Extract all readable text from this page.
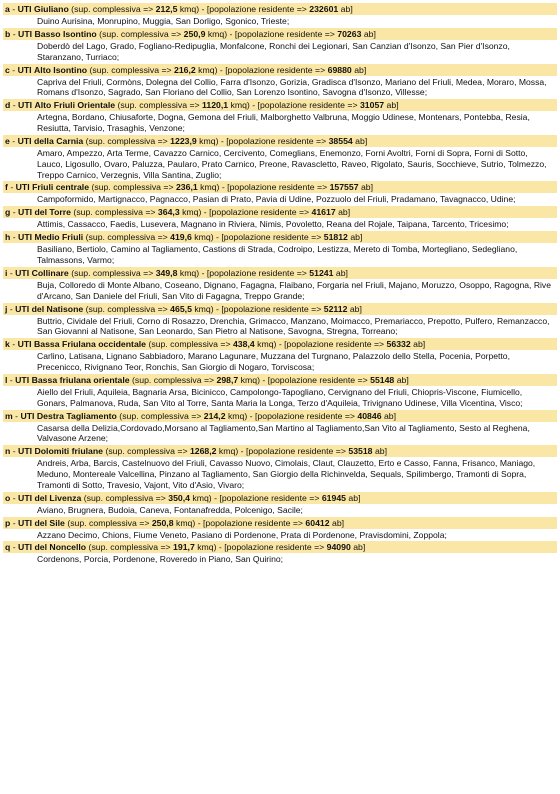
a - UTI Giuliano (sup. complessiva => 212,5 kmq) - [popolazione residente => 232601 ab]
Duino Aurisina, Monrupino, Muggia, San Dorligo, Sgonico, Trieste;
b - UTI Basso Isontino (sup. complessiva => 250,9 kmq) - [popolazione residente => 70263 ab]
Doberdò del Lago, Grado, Fogliano-Redipuglia, Monfalcone, Ronchi dei Legionari, San Canzian d'Isonzo, San Pier d'Isonzo, Staranzano, Turriaco;
c - UTI Alto Isontino (sup. complessiva => 216,2 kmq) - [popolazione residente => 69880 ab]
Capriva del Friuli, Cormòns, Dolegna del Collio, Farra d'Isonzo, Gorizia, Gradisca d'Isonzo, Mariano del Friuli, Medea, Moraro, Mossa, Romans d'Isonzo, Sagrado, San Floriano del Collio, San Lorenzo Isontino, Savogna d'Isonzo, Villesse;
d - UTI Alto Friuli Orientale (sup. complessiva => 1120,1 kmq) - [popolazione residente => 31057 ab]
Artegna, Bordano, Chiusaforte, Dogna, Gemona del Friuli, Malborghetto Valbruna, Moggio Udinese, Montenars, Pontebba, Resia, Resiutta, Tarvisio, Trasaghis, Venzone;
e - UTI della Carnia (sup. complessiva => 1223,9 kmq) - [popolazione residente => 38554 ab]
Amaro, Ampezzo, Arta Terme, Cavazzo Carnico, Cercivento, Comeglians, Enemonzo, Forni Avoltri, Forni di Sopra, Forni di Sotto, Lauco, Ligosullo, Ovaro, Paluzza, Paularo, Prato Carnico, Preone, Ravascletto, Raveo, Rigolato, Sauris, Socchieve, Sutrio, Tolmezzo, Treppo Carnico, Verzegnis, Villa Santina, Zuglio;
f - UTI Friuli centrale (sup. complessiva => 236,1 kmq) - [popolazione residente => 157557 ab]
Campoformido, Martignacco, Pagnacco, Pasian di Prato, Pavia di Udine, Pozzuolo del Friuli, Pradamano, Tavagnacco, Udine;
g - UTI del Torre (sup. complessiva => 364,3 kmq) - [popolazione residente => 41617 ab]
Attimis, Cassacco, Faedis, Lusevera, Magnano in Riviera, Nimis, Povoletto, Reana del Rojale, Taipana, Tarcento, Tricesimo;
h - UTI Medio Friuli (sup. complessiva => 419,6 kmq) - [popolazione residente => 51812 ab]
Basiliano, Bertiolo, Camino al Tagliamento, Castions di Strada, Codroipo, Lestizza, Mereto di Tomba, Mortegliano, Sedegliano, Talmassons, Varmo;
i - UTI Collinare (sup. complessiva => 349,8 kmq) - [popolazione residente => 51241 ab]
Buja, Colloredo di Monte Albano, Coseano, Dignano, Fagagna, Flaibano, Forgaria nel Friuli, Majano, Moruzzo, Osoppo, Ragogna, Rive d'Arcano, San Daniele del Friuli, San Vito di Fagagna, Treppo Grande;
j - UTI del Natisone (sup. complessiva => 465,5 kmq) - [popolazione residente => 52112 ab]
Buttrio, Cividale del Friuli, Corno di Rosazzo, Drenchia, Grimacco, Manzano, Moimacco, Premariacco, Prepotto, Pulfero, Remanzacco, San Giovanni al Natisone, San Leonardo, San Pietro al Natisone, Savogna, Stregna, Torreano;
k - UTI Bassa Friulana occidentale (sup. complessiva => 438,4 kmq) - [popolazione residente => 56332 ab]
Carlino, Latisana, Lignano Sabbiadoro, Marano Lagunare, Muzzana del Turgnano, Palazzolo dello Stella, Pocenia, Porpetto, Precenicco, Rivignano Teor, Ronchis, San Giorgio di Nogaro, Torviscosa;
l - UTI Bassa friulana orientale (sup. complessiva => 298,7 kmq) - [popolazione residente => 55148 ab]
Aiello del Friuli, Aquileia, Bagnaria Arsa, Bicinicco, Campolongo-Tapogliano, Cervignano del Friuli, Chiopris-Viscone, Fiumicello, Gonars, Palmanova, Ruda, San Vito al Torre, Santa Maria la Longa, Terzo d'Aquileia, Trivignano Udinese, Villa Vicentina, Visco;
m - UTI Destra Tagliamento (sup. complessiva => 214,2 kmq) - [popolazione residente => 40846 ab]
Casarsa della Delizia,Cordovado,Morsano al Tagliamento,San Martino al Tagliamento,San Vito al Tagliamento, Sesto al Reghena, Valvasone Arzene;
n - UTI Dolomiti friulane (sup. complessiva => 1268,2 kmq) - [popolazione residente => 53518 ab]
Andreis, Arba, Barcis, Castelnuovo del Friuli, Cavasso Nuovo, Cimolais, Claut, Clauzetto, Erto e Casso, Fanna, Frisanco, Maniago, Meduno, Montereale Valcellina, Pinzano al Tagliamento, San Giorgio della Richinvelda, Sequals, Spilimbergo, Tramonti di Sopra, Tramonti di Sotto, Travesio, Vajont, Vito d'Asio, Vivaro;
o - UTI del Livenza (sup. complessiva => 350,4 kmq) - [popolazione residente => 61945 ab]
Aviano, Brugnera, Budoia, Caneva, Fontanafredda, Polcenigo, Sacile;
p - UTI del Sile (sup. complessiva => 250,8 kmq) - [popolazione residente => 60412 ab]
Azzano Decimo, Chions, Fiume Veneto, Pasiano di Pordenone, Prata di Pordenone, Pravisdomini, Zoppola;
q - UTI del Noncello (sup. complessiva => 191,7 kmq) - [popolazione residente => 94090 ab]
Cordenons, Porcia, Pordenone, Roveredo in Piano, San Quirino;
